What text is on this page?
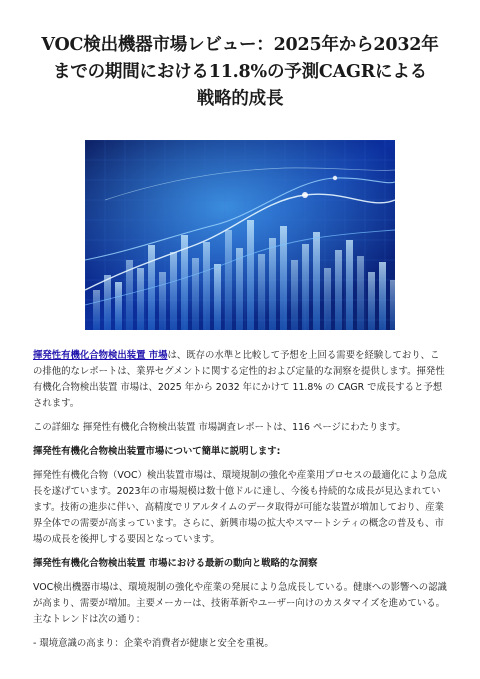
VOC検出機器市場レビュー：2025年から2032年
までの期間における11.8%の予測CAGRによる
戦略的成長

揮発性有機化合物検出装置 市場は、既存の水準と比較して予想を上回る需要を経験しており、この排他的なレポートは、業界セグメントに関する定性的および定量的な洞察を提供します。揮発性有機化合物検出装置 市場は、2025 年から 2032 年にかけて 11.8% の CAGR で成長すると予想されます。

この詳細な 揮発性有機化合物検出装置 市場調査レポートは、116 ページにわたります。

揮発性有機化合物検出装置市場について簡単に説明します:

揮発性有機化合物（VOC）検出装置市場は、環境規制の強化や産業用プロセスの最適化により急成長を遂げています。2023年の市場規模は数十億ドルに達し、今後も持続的な成長が見込まれています。技術の進歩に伴い、高精度でリアルタイムのデータ取得が可能な装置が増加しており、産業界全体での需要が高まっています。さらに、新興市場の拡大やスマートシティの概念の普及も、市場の成長を後押しする要因となっています。

揮発性有機化合物検出装置 市場における最新の動向と戦略的な洞察

VOC検出機器市場は、環境規制の強化や産業の発展により急成長している。健康への影響への認識が高まり、需要が増加。主要メーカーは、技術革新やユーザー向けのカスタマイズを進めている。主なトレンドは次の通り：

- 環境意識の高まり：企業や消費者が健康と安全を重視。
